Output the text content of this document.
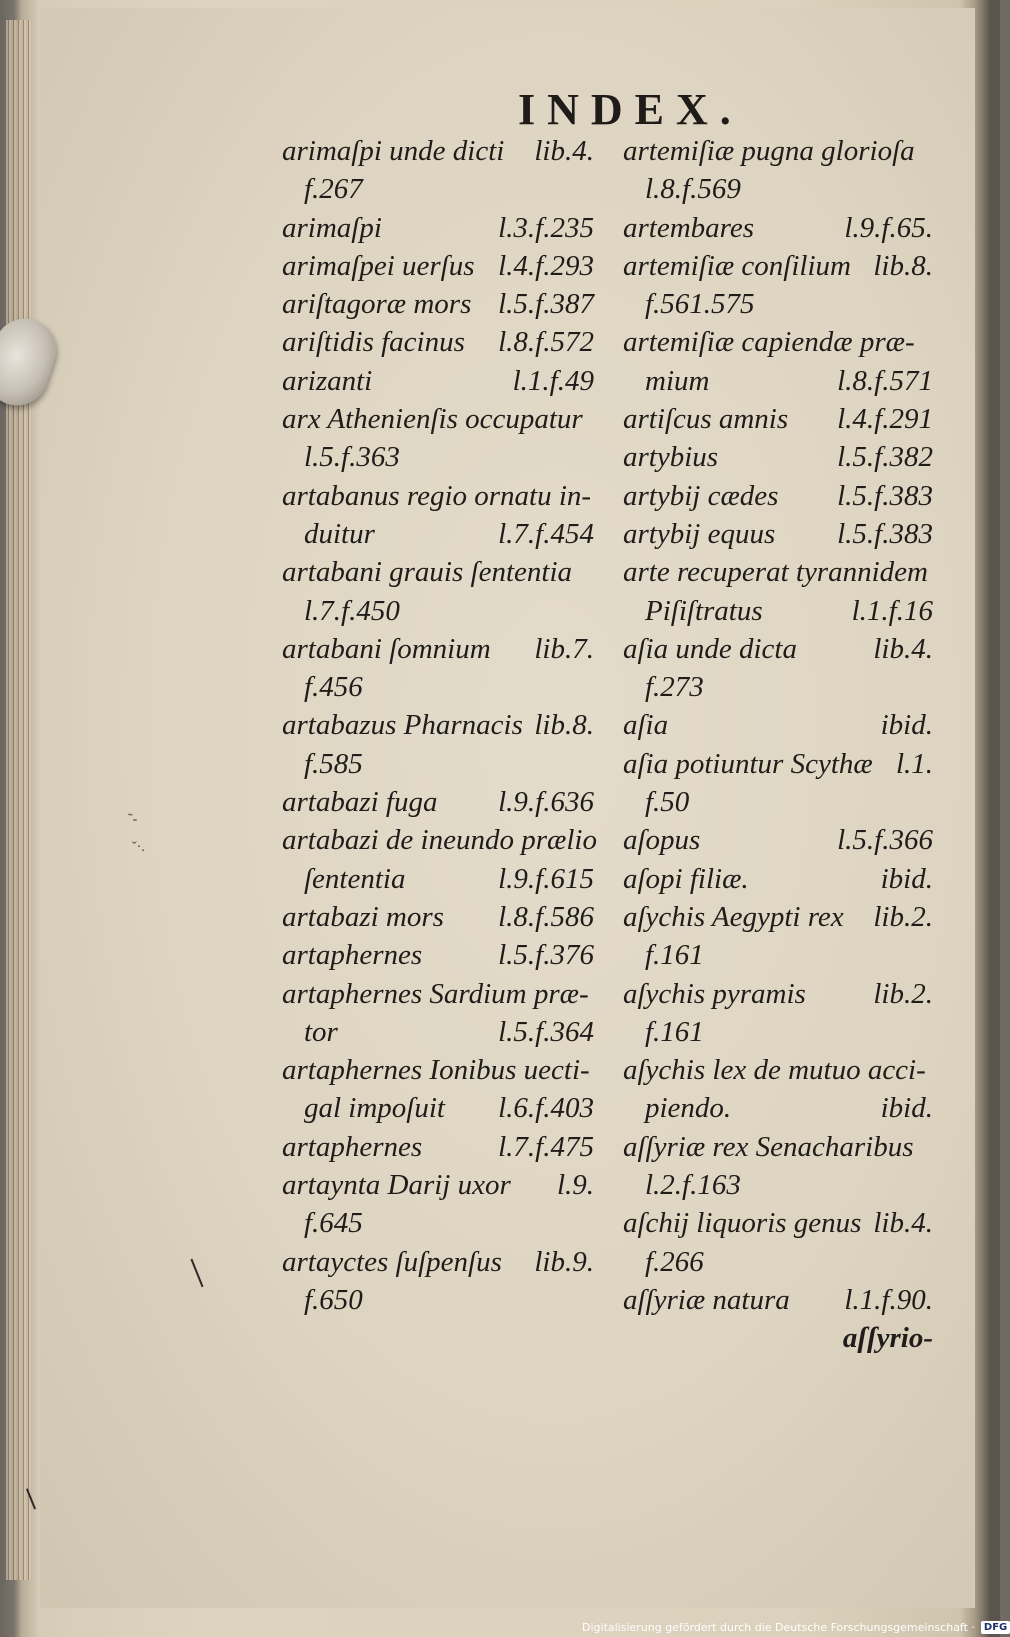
INDEX.
arimaſpi unde dicti lib.4.
f.267
arimaſpi	l.3.f.235
arimaſpei uerſus l.4.f.293
ariſtagoræ mors l.5.f.387
ariſtidis facinus l.8.f.572
arizanti	l.1.f.49
arx Athenienſis occupatur
l.5.f.363
artabanus regio ornatu in-
duitur	l.7.f.454
artabani grauis ſententia
l.7.f.450
artabani ſomnium lib.7.
f.456
artabazus Pharnacis lib.8.
f.585
artabazi fuga l.9.f.636
artabazi de ineundo prælio
ſententia	l.9.f.615
artabazi mors l.8.f.586
artaphernes	l.5.f.376
artaphernes Sardium præ-
tor	l.5.f.364
artaphernes Ionibus uecti-
gal impoſuit l.6.f.403
artaphernes	l.7.f.475
artaynta Darij uxor l.9.
f.645
artayctes ſuſpenſus lib.9.
f.650
artemiſiæ pugna glorioſa
l.8.f.569
artembares	l.9.f.65.
artemiſiæ conſilium lib.8.
f.561.575
artemiſiæ capiendæ præ-
mium	l.8.f.571
artiſcus amnis l.4.f.291
artybius	l.5.f.382
artybij cædes l.5.f.383
artybij equus l.5.f.383
arte recuperat tyrannidem
Piſiſtratus	l.1.f.16
aſia unde dicta	lib.4.
f.273
aſia	ibid.
aſia potiuntur Scythæ l.1.
f.50
aſopus	l.5.f.366
aſopi filiæ.	ibid.
aſychis Aegypti rex lib.2.
f.161
aſychis pyramis lib.2.
f.161
aſychis lex de mutuo acci-
piendo.	ibid.
aſſyriæ rex Senacharibus
l.2.f.163
aſchij liquoris genus lib.4.
f.266
aſſyriæ natura l.1.f.90.
aſſyrio-
˜-
ˇ·.
Digitalisierung gefördert durch die Deutsche Forschungsgemeinschaft · DFG
